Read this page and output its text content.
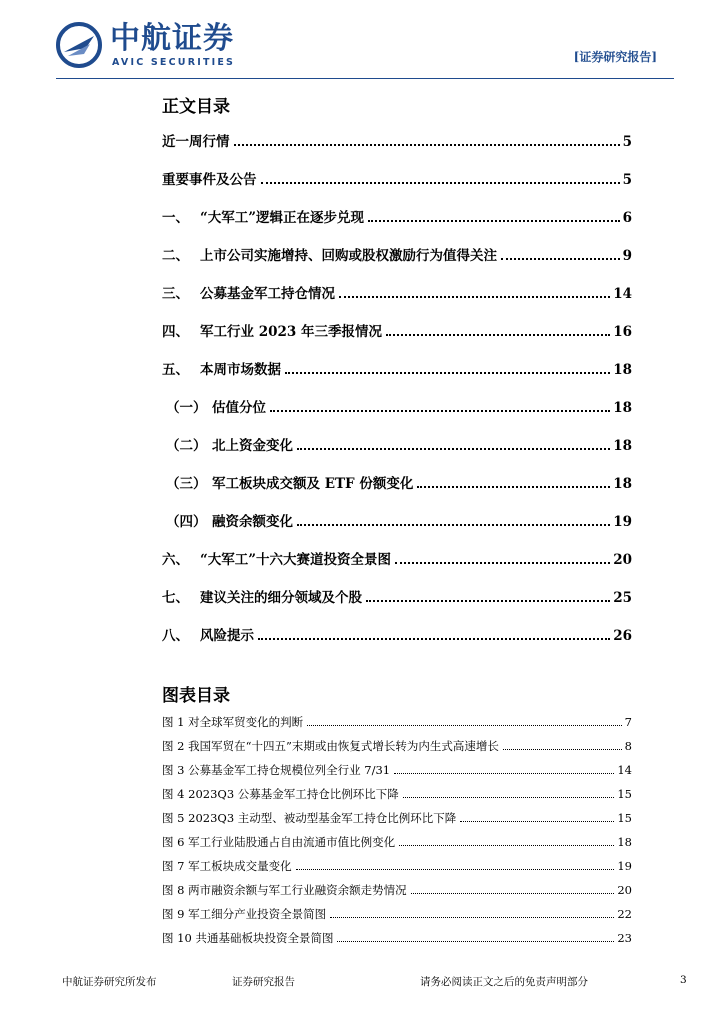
中航证券
AVIC SECURITIES	[证券研究报告]
正文目录
近一周行情	5
重要事件及公告	5
一、 “大军工”逻辑正在逐步兑现	6
二、 上市公司实施增持、回购或股权激励行为值得关注	9
三、 公募基金军工持仓情况	14
四、 军工行业 2023 年三季报情况	16
五、 本周市场数据	18
（一） 估值分位	18
（二） 北上资金变化	18
（三） 军工板块成交额及 ETF 份额变化	18
（四） 融资余额变化	19
六、 “大军工”十六大赛道投资全景图	20
七、 建议关注的细分领域及个股	25
八、 风险提示	26
图表目录
图 1 对全球军贸变化的判断	7
图 2 我国军贸在“十四五”末期或由恢复式增长转为内生式高速增长	8
图 3 公募基金军工持仓规模位列全行业 7/31	14
图 4 2023Q3 公募基金军工持仓比例环比下降	15
图 5 2023Q3 主动型、被动型基金军工持仓比例环比下降	15
图 6 军工行业陆股通占自由流通市值比例变化	18
图 7 军工板块成交量变化	19
图 8 两市融资余额与军工行业融资余额走势情况	20
图 9 军工细分产业投资全景简图	22
图 10 共通基础板块投资全景简图	23
中航证券研究所发布	证券研究报告	请务必阅读正文之后的免责声明部分	3
